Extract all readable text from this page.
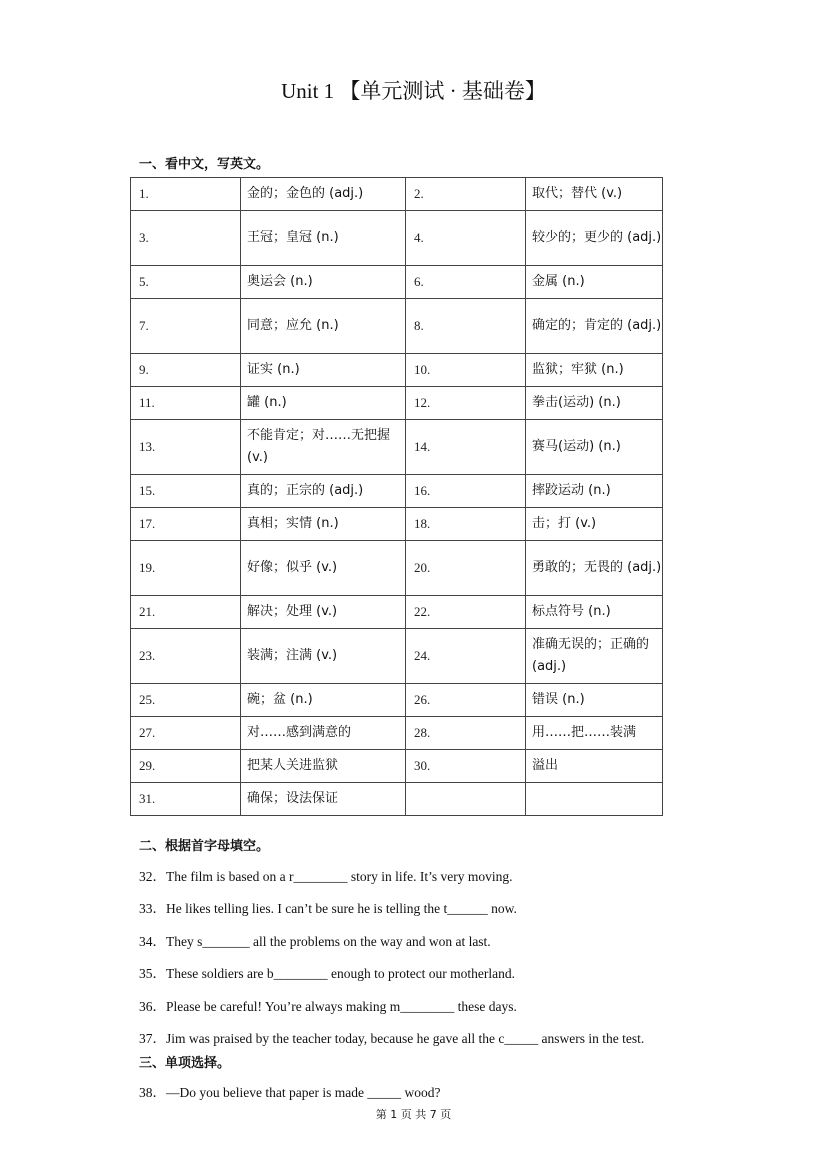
Unit 1 【单元测试 · 基础卷】
一、看中文，写英文。
1.	金的；金色的 (adj.)	2.	取代；替代 (v.)
3.	王冠；皇冠 (n.)	4.	较少的；更少的 (adj.)
5.	奥运会 (n.)	6.	金属 (n.)
7.	同意；应允 (n.)	8.	确定的；肯定的 (adj.)
9.	证实 (n.)	10.	监狱；牢狱 (n.)
11.	罐 (n.)	12.	拳击(运动) (n.)
13.	不能肯定；对……无把握 (v.)	14.	赛马(运动) (n.)
15.	真的；正宗的 (adj.)	16.	摔跤运动 (n.)
17.	真相；实情 (n.)	18.	击；打 (v.)
19.	好像；似乎 (v.)	20.	勇敢的；无畏的 (adj.)
21.	解决；处理 (v.)	22.	标点符号 (n.)
23.	装满；注满 (v.)	24.	准确无误的；正确的 (adj.)
25.	碗；盆 (n.)	26.	错误 (n.)
27.	对……感到满意的	28.	用……把……装满
29.	把某人关进监狱	30.	溢出
31.	确保；设法保证		
二、根据首字母填空。
32．The film is based on a r________ story in life. It’s very moving.
33．He likes telling lies. I can’t be sure he is telling the t______ now.
34．They s_______ all the problems on the way and won at last.
35．These soldiers are b________ enough to protect our motherland.
36．Please be careful! You’re always making m________ these days.
37．Jim was praised by the teacher today, because he gave all the c_____ answers in the test.
三、单项选择。
38．—Do you believe that paper is made _____ wood?
第 1 页 共 7 页
